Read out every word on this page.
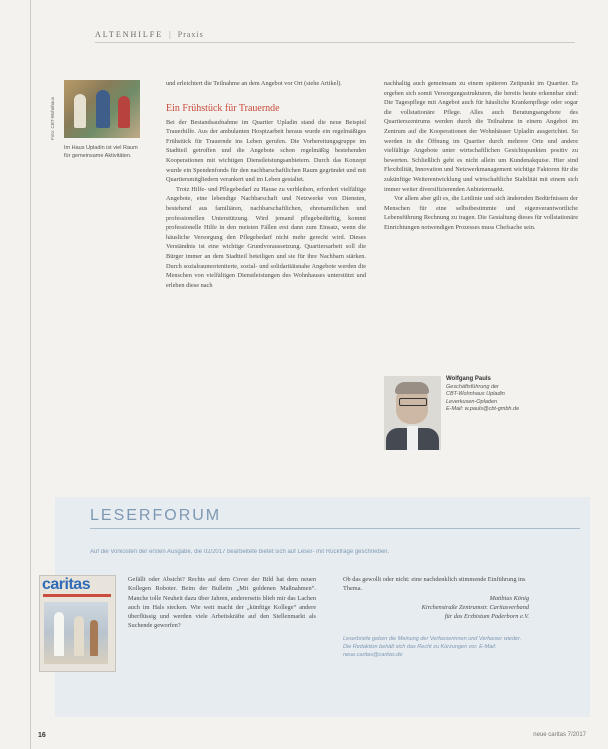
ALTENHILFE | Praxis
Foto: CBT-Wohnhaus
Im Haus Upladin ist viel Raum für gemeinsame Aktivitäten.

und erleichtert die Teilnahme an dem Angebot vor Ort (siehe Artikel).

Ein Frühstück für Trauernde

Bei der Bestandsaufnahme im Quartier Upladin stand die neue Beispiel Trauerhilfe. Aus der ambulanten Hospizarbeit heraus wurde ein regelmäßiges Frühstück für Trauernde ins Leben gerufen. Die Vorbereitungsgruppe im Stadtteil getroffen und die Angebote schon regelmäßig bestehenden Kooperationen mit wichtigen Dienstleistungsanbietern. Durch das Konzept wurde ein Spendenfonds für den nachbarschaftlichen Raum gegründet und mit Quartiersmitgliedern verankert und im Leben gestaltet.

Trotz Hilfe- und Pflegebedarf zu Hause zu verbleiben, erfordert vielfältige Angebote, eine lebendige Nachbarschaft und Netzwerke von Diensten, bestehend aus familiären, nachbarschaftlichen, ehrenamtlichen und professionellen Unterstützung. Wird jemand pflegebedürftig, kommt professionelle Hilfe in den meisten Fällen erst dann zum Einsatz, wenn die häusliche Versorgung den Pflegebedarf nicht mehr gerecht wird. Dieses Verständnis ist eine wichtige Grundvoraussetzung. Quartiersarbeit soll die Bürger immer an dem Stadtteil beteiligen und sie für ihre Nachbarn stärken. Durch sozialraumorientierte, sozial- und solidaritätsnahe Angebote werden die Menschen von vielfältigen Dienstleistungen des Wohnhauses unterstützt und erleben diese nach

nachhaltig auch gemeinsam zu einem späteren Zeitpunkt im Quartier. Es ergeben sich somit Versorgungsstrukturen, die bereits heute erkennbar sind: Die Tagespflege mit Angebot auch für häusliche Krankenpflege oder sogar die vollstationäre Pflege. Alles auch Beratungsangebote des Quartierszentrums werden durch die Teilnahme in einem Angebot im Zentrum auf die Kooperationen der Wohnhäuser Upladin ausgerichtet. So werden in die Öffnung im Quartier durch mehrere Orte und andere vielfältige Angebote unter wirtschaftlichen Gesichtspunkten positiv zu bewerten. Schließlich geht es nicht allein um Kundenakquise. Hier sind Flexibilität, Innovation und Netzwerkmanagement wichtige Faktoren für die zukünftige Weiterentwicklung und wirtschaftliche Stabilität mit einem sich immer weiter diversifizierenden Anbietermarkt.

Vor allem aber gilt es, die Leitlinie und sich ändernden Bedürfnissen der Menschen für eine selbstbestimmte und eigenverantwortliche Lebensführung Rechnung zu tragen. Die Gestaltung dieses für vollstationäre Einrichtungen notwendigen Prozesses muss Chefsache sein.

Wolfgang Pauls
Geschäftsführung der
CBT-Wohnhaus Upladin
Leverkusen-Opladen
E-Mail: w.pauls@cbt-gmbh.de
LESERFORUM
Auf die Vorkosten der ersten Ausgabe, die 02/2017 bearbeitete bietet sich auf Leser- mit Rückfrage geschrieben.
caritas	Gefällt oder Absicht? Rechts auf dem Cover der Bild hat dem neuen Kollegen Roboter. Beim der Bulletin „Mit goldenen Maßnahmen“. Manche tolle Neuheit dazu über Jahren, andererseits blieb mir das Lachen auch im Hals stecken. Wie weit macht der „künftige Kollege“ andere überflüssig und werden viele Arbeitskräfte auf den Stellenmarkt als Suchende geworfen?
Ob das gewollt oder nicht: eine nachdenklich stimmende Einführung ins Thema.
Matthias König
Kirchenstraße Zentrumstr. Caritasverband
für das Erzbistum Paderborn e.V.
Leserbriefe geben die Meinung der Verfasserinnen und Verfasser wieder. Die Redaktion behält sich das Recht zu Kürzungen vor. E-Mail: neue.caritas@caritas.de
16	neue caritas 7/2017
